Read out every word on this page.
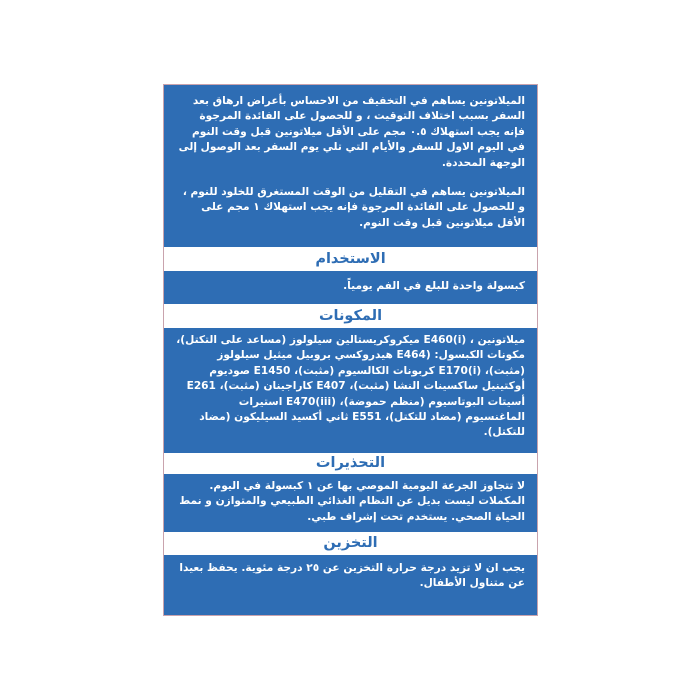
الميلاتونين يساهم في التخفيف من الاحساس بأعراض ارهاق بعد السفر بسبب اختلاف التوقيت ، و للحصول على الفائدة المرجوة فإنه يجب استهلاك ٠.٥ مجم على الأقل ميلاتونين قبل وقت النوم في اليوم الاول للسفر والأيام التي تلي يوم السفر بعد الوصول إلى الوجهة المحددة.

الميلاتونين يساهم في التقليل من الوقت المستغرق للخلود للنوم ، و للحصول على الفائدة المرجوة فإنه يجب استهلاك ١ مجم على الأقل ميلاتونين قبل وقت النوم.

الاستخدام

كبسولة واحدة للبلع في الفم يومياً.

المكونات

ميلاتونين ، (i)E460 ميكروكريستالين سيلولوز (مساعد على التكتل)، مكونات الكبسول: (E464 هيدروكسي بروبيل ميثيل سيلولوز (مثبت)، E170(i) كربونات الكالسيوم (مثبت)، E1450 صوديوم أوكتينيل ساكسينات النشا (مثبت)، E407 كاراجينان (مثبت)، E261 أسيتات البوتاسيوم (منظم حموضة)، E470(iii) استيرات الماغنسيوم (مضاد للتكتل)، E551 ثاني أكسيد السيليكون (مضاد للتكتل).

التحذيرات

لا تتجاوز الجرعة اليومية الموصي بها عن ١ كبسولة في اليوم. المكملات ليست بديل عن النظام الغذائي الطبيعي والمتوازن و نمط الحياة الصحي. يستخدم تحت إشراف طبي.

التخزين

يجب ان لا تزيد درجة حرارة التخزين عن ٢٥ درجة مئوية. يحفظ بعيدا عن متناول الأطفال.
